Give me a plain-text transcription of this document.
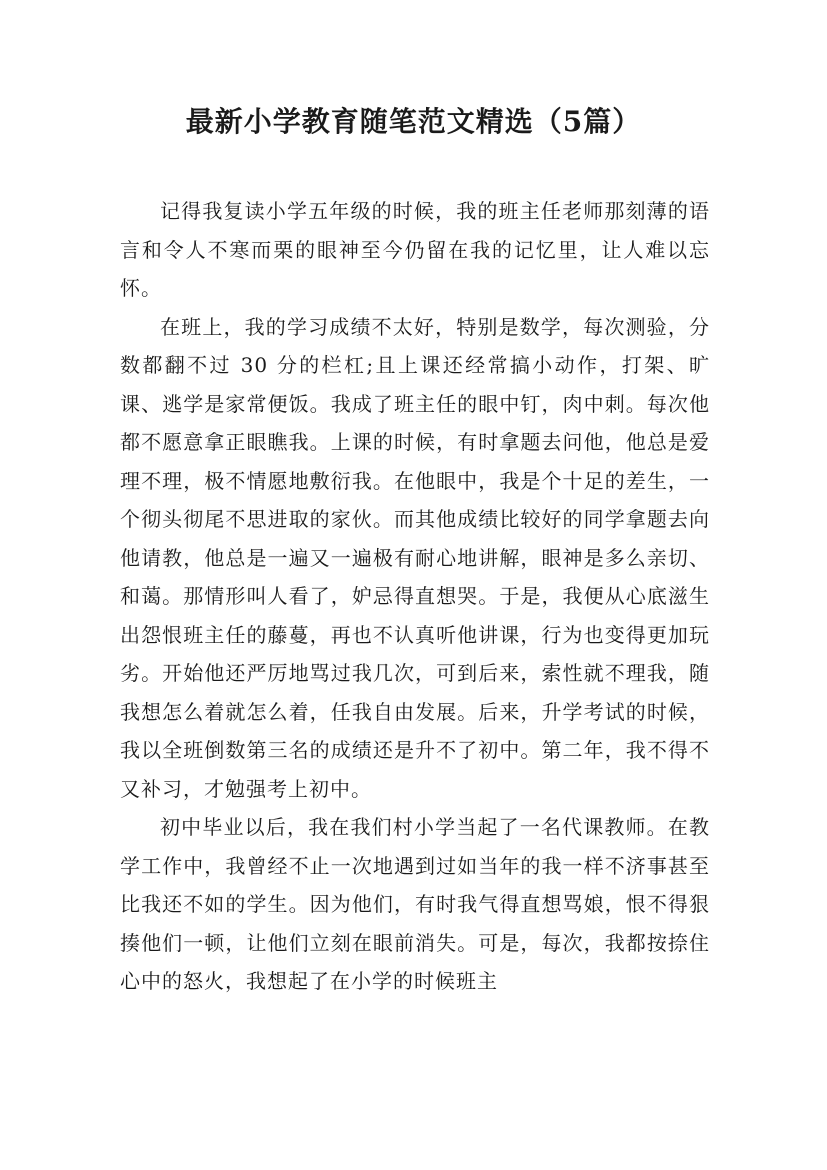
最新小学教育随笔范文精选（5篇）

记得我复读小学五年级的时候，我的班主任老师那刻薄的语言和令人不寒而栗的眼神至今仍留在我的记忆里，让人难以忘怀。

在班上，我的学习成绩不太好，特别是数学，每次测验，分数都翻不过 30 分的栏杠;且上课还经常搞小动作，打架、旷课、逃学是家常便饭。我成了班主任的眼中钉，肉中刺。每次他都不愿意拿正眼瞧我。上课的时候，有时拿题去问他，他总是爱理不理，极不情愿地敷衍我。在他眼中，我是个十足的差生，一个彻头彻尾不思进取的家伙。而其他成绩比较好的同学拿题去向他请教，他总是一遍又一遍极有耐心地讲解，眼神是多么亲切、和蔼。那情形叫人看了，妒忌得直想哭。于是，我便从心底滋生出怨恨班主任的藤蔓，再也不认真听他讲课，行为也变得更加玩劣。开始他还严厉地骂过我几次，可到后来，索性就不理我，随我想怎么着就怎么着，任我自由发展。后来，升学考试的时候，我以全班倒数第三名的成绩还是升不了初中。第二年，我不得不又补习，才勉强考上初中。

初中毕业以后，我在我们村小学当起了一名代课教师。在教学工作中，我曾经不止一次地遇到过如当年的我一样不济事甚至比我还不如的学生。因为他们，有时我气得直想骂娘，恨不得狠揍他们一顿，让他们立刻在眼前消失。可是，每次，我都按捺住心中的怒火，我想起了在小学的时候班主
